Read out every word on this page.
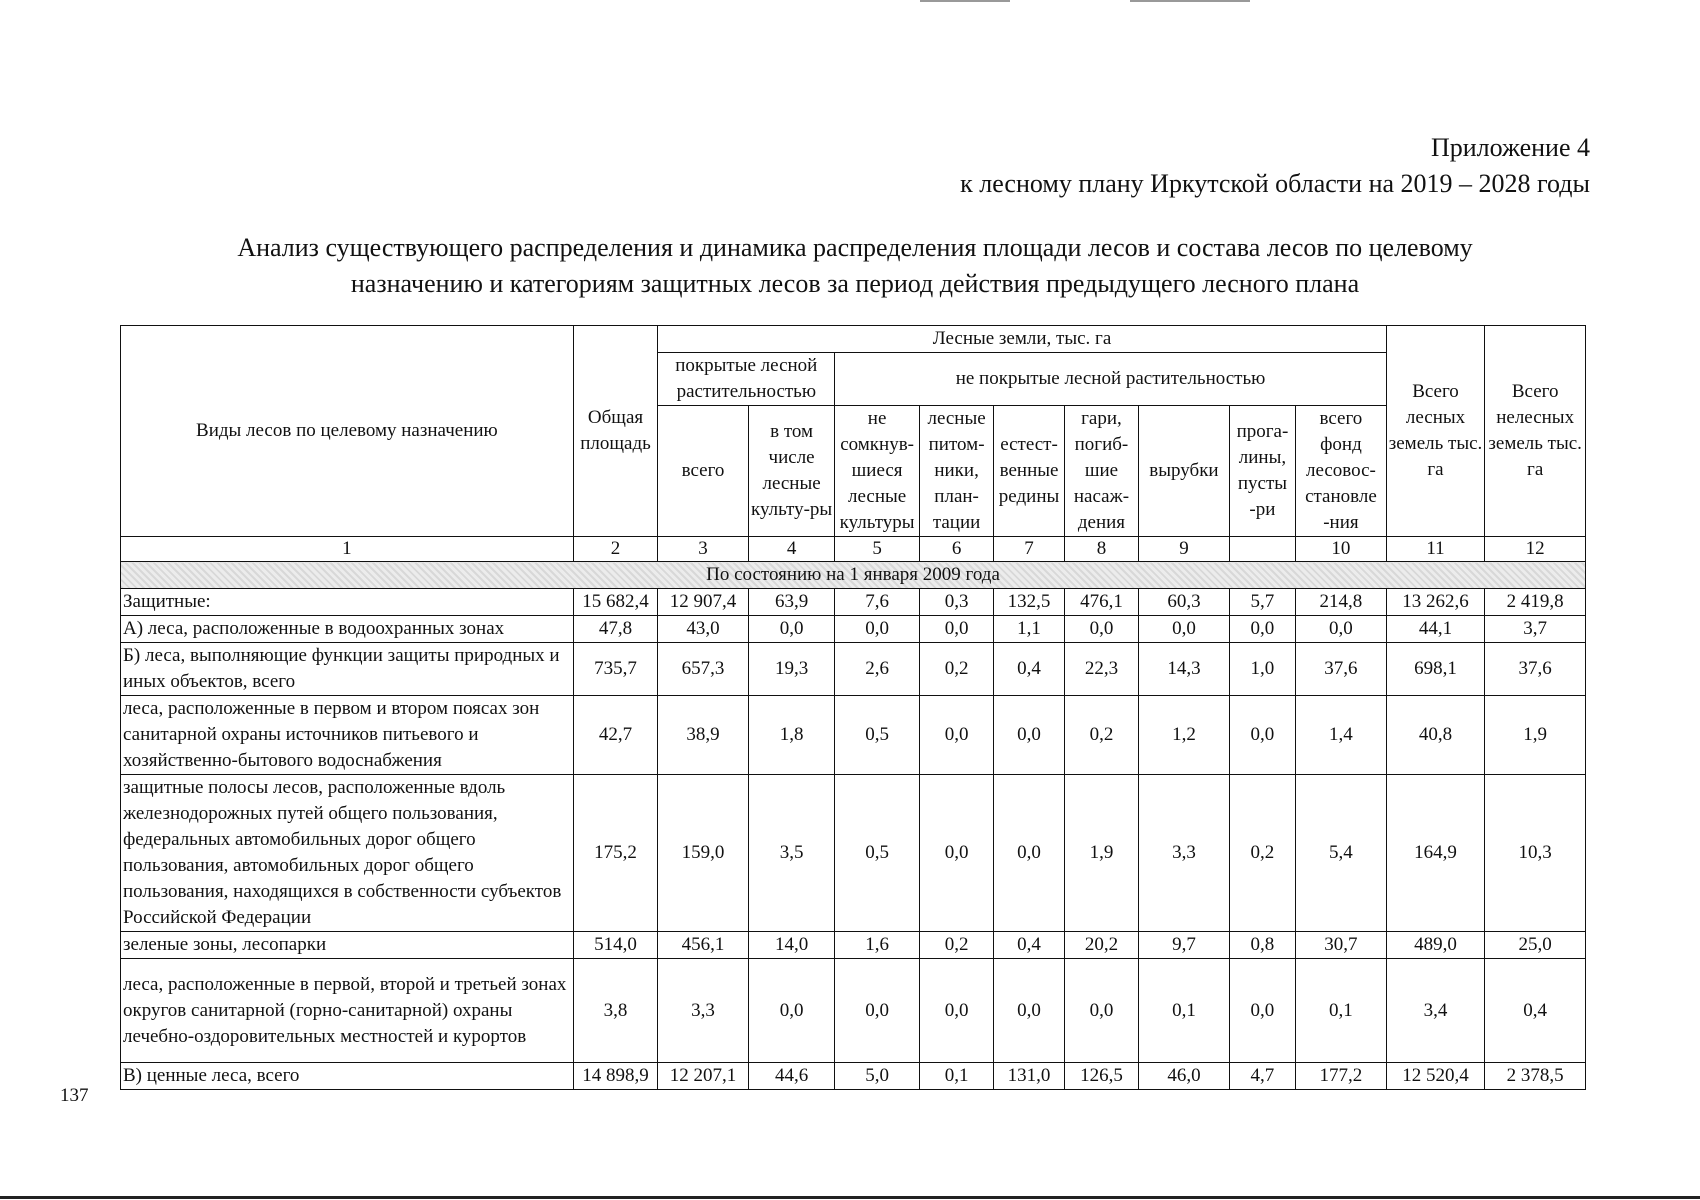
Приложение 4
к лесному плану Иркутской области на 2019 – 2028 годы
Анализ существующего распределения и динамика распределения площади лесов и состава лесов по целевому
назначению и категориям защитных лесов за период действия предыдущего лесного плана
Виды лесов по целевому назначению	Общая площадь	Лесные земли, тыс. га									Всего лесных земель тыс. га	Всего нелесных земель тыс. га
		покрытые лесной растительностью		не покрытые лесной растительностью								
		всего	в том числе лесные культу-ры	не сомкнув-шиеся лесные культуры	лесные питом-ники, план-тации	естест-венные редины	гари, погиб-шие насаж-дения	вырубки	прога-лины, пусты -ри	всего фонд лесовос-становле -ния		
1	2	3	4	5	6	7	8	9		10	11	12
По состоянию на 1 января 2009 года												
Защитные:	15 682,4	12 907,4	63,9	7,6	0,3	132,5	476,1	60,3	5,7	214,8	13 262,6	2 419,8
А) леса, расположенные в водоохранных зонах	47,8	43,0	0,0	0,0	0,0	1,1	0,0	0,0	0,0	0,0	44,1	3,7
Б) леса, выполняющие функции защиты природных и иных объектов, всего	735,7	657,3	19,3	2,6	0,2	0,4	22,3	14,3	1,0	37,6	698,1	37,6
леса, расположенные в первом и втором поясах зон санитарной охраны источников питьевого и хозяйственно-бытового водоснабжения	42,7	38,9	1,8	0,5	0,0	0,0	0,2	1,2	0,0	1,4	40,8	1,9
защитные полосы лесов, расположенные вдоль железнодорожных путей общего пользования, федеральных автомобильных дорог общего пользования, автомобильных дорог общего пользования, находящихся в собственности субъектов Российской Федерации	175,2	159,0	3,5	0,5	0,0	0,0	1,9	3,3	0,2	5,4	164,9	10,3
зеленые зоны, лесопарки	514,0	456,1	14,0	1,6	0,2	0,4	20,2	9,7	0,8	30,7	489,0	25,0
леса, расположенные в первой, второй и третьей зонах округов санитарной (горно-санитарной) охраны лечебно-оздоровительных местностей и курортов	3,8	3,3	0,0	0,0	0,0	0,0	0,0	0,1	0,0	0,1	3,4	0,4
В) ценные леса, всего	14 898,9	12 207,1	44,6	5,0	0,1	131,0	126,5	46,0	4,7	177,2	12 520,4	2 378,5
137
